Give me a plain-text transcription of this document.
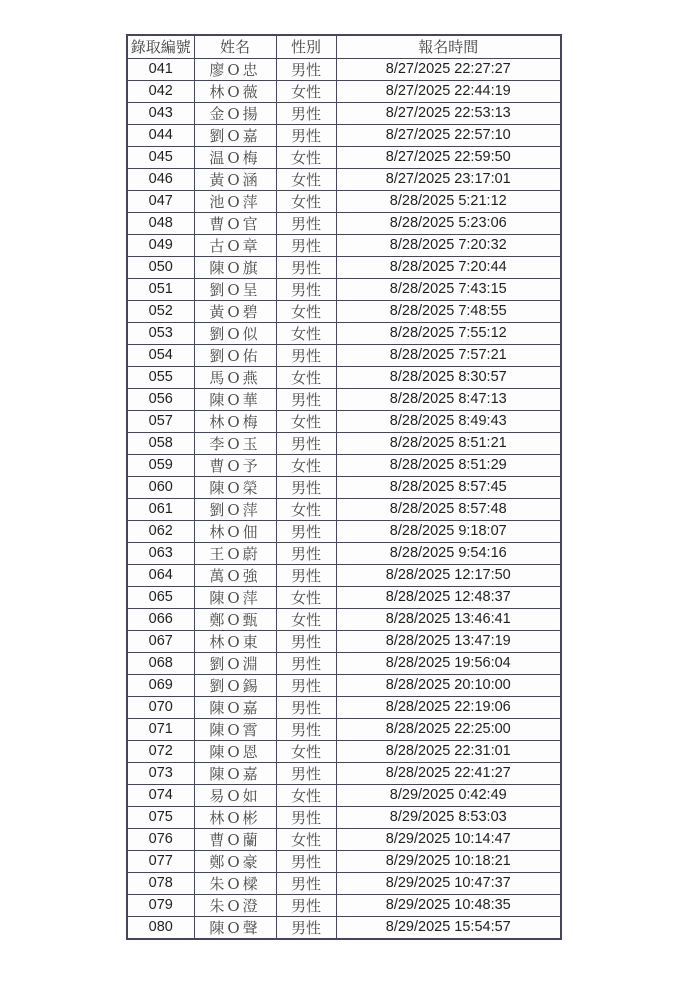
錄取編號	姓名	性別	報名時間
041	廖O忠	男性	8/27/2025 22:27:27
042	林O薇	女性	8/27/2025 22:44:19
043	金O揚	男性	8/27/2025 22:53:13
044	劉O嘉	男性	8/27/2025 22:57:10
045	温O梅	女性	8/27/2025 22:59:50
046	黃O涵	女性	8/27/2025 23:17:01
047	池O萍	女性	8/28/2025 5:21:12
048	曹O官	男性	8/28/2025 5:23:06
049	古O章	男性	8/28/2025 7:20:32
050	陳O旗	男性	8/28/2025 7:20:44
051	劉O呈	男性	8/28/2025 7:43:15
052	黃O碧	女性	8/28/2025 7:48:55
053	劉O似	女性	8/28/2025 7:55:12
054	劉O佑	男性	8/28/2025 7:57:21
055	馬O燕	女性	8/28/2025 8:30:57
056	陳O華	男性	8/28/2025 8:47:13
057	林O梅	女性	8/28/2025 8:49:43
058	李O玉	男性	8/28/2025 8:51:21
059	曹O予	女性	8/28/2025 8:51:29
060	陳O榮	男性	8/28/2025 8:57:45
061	劉O萍	女性	8/28/2025 8:57:48
062	林O佃	男性	8/28/2025 9:18:07
063	王O蔚	男性	8/28/2025 9:54:16
064	萬O強	男性	8/28/2025 12:17:50
065	陳O萍	女性	8/28/2025 12:48:37
066	鄭O甄	女性	8/28/2025 13:46:41
067	林O東	男性	8/28/2025 13:47:19
068	劉O淵	男性	8/28/2025 19:56:04
069	劉O錫	男性	8/28/2025 20:10:00
070	陳O嘉	男性	8/28/2025 22:19:06
071	陳O霄	男性	8/28/2025 22:25:00
072	陳O恩	女性	8/28/2025 22:31:01
073	陳O嘉	男性	8/28/2025 22:41:27
074	易O如	女性	8/29/2025 0:42:49
075	林O彬	男性	8/29/2025 8:53:03
076	曹O蘭	女性	8/29/2025 10:14:47
077	鄭O豪	男性	8/29/2025 10:18:21
078	朱O樑	男性	8/29/2025 10:47:37
079	朱O澄	男性	8/29/2025 10:48:35
080	陳O聲	男性	8/29/2025 15:54:57
